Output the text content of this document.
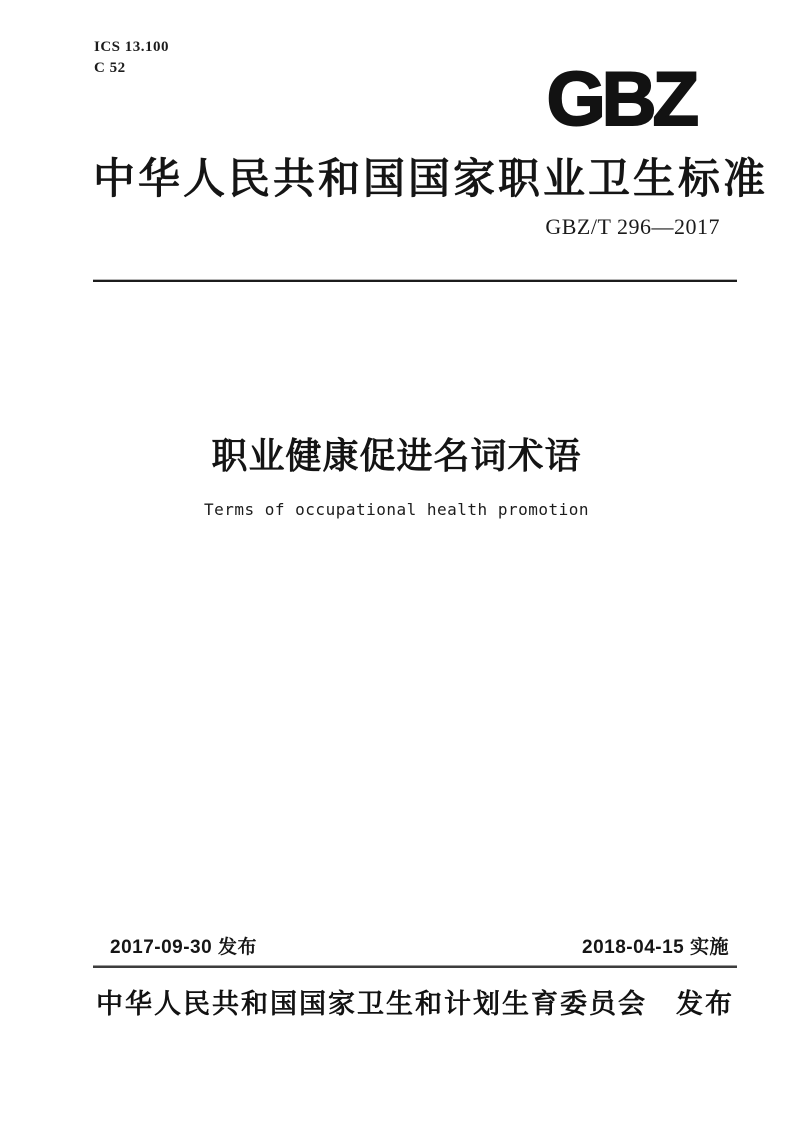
ICS 13.100
C 52	GBZ
中华人民共和国国家职业卫生标准
GBZ/T 296—2017
职业健康促进名词术语
Terms of occupational health promotion
2017-09-30 发布	2018-04-15 实施
中华人民共和国国家卫生和计划生育委员会　发布
